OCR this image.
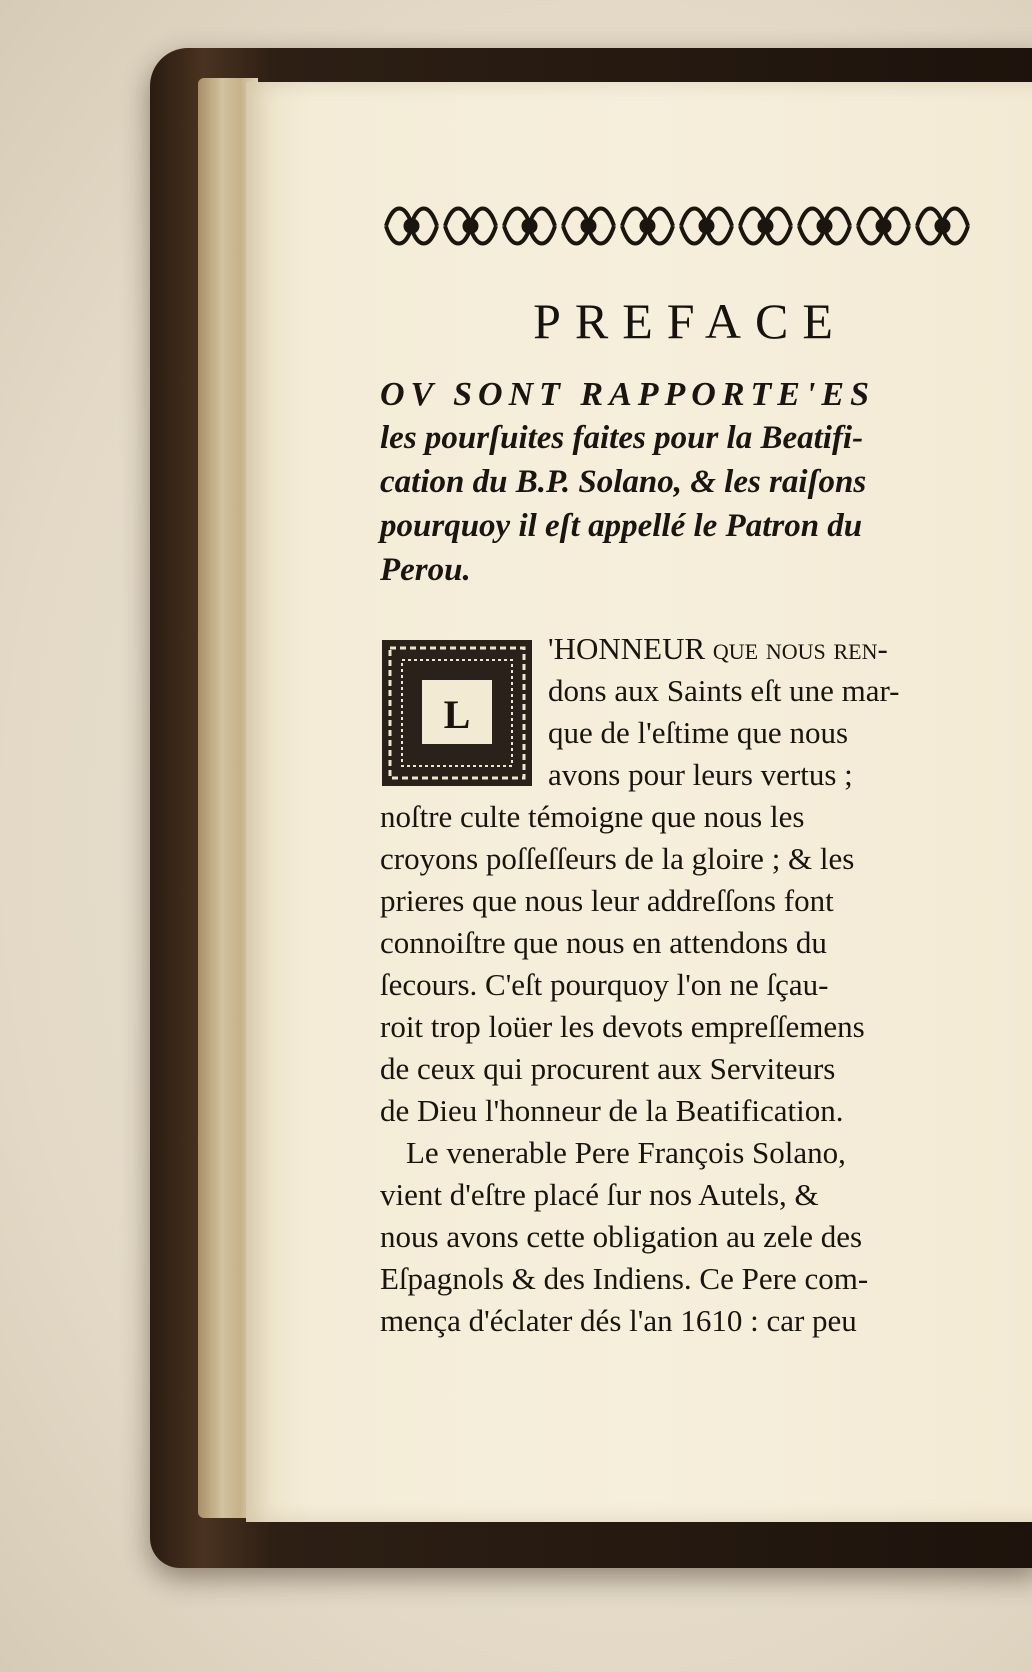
PREFACE
OV SONT RAPPORTE'ES
les pourſuites faites pour la Beatifi-
cation du B.P. Solano, & les raiſons
pourquoy il eſt appellé le Patron du
Perou.
L
'HONNEUR que nous ren-
dons aux Saints eſt une mar-
que de l'eſtime que nous
avons pour leurs vertus ;
noſtre culte témoigne que nous les
croyons poſſeſſeurs de la gloire ; & les
prieres que nous leur addreſſons font
connoiſtre que nous en attendons du
ſecours. C'eſt pourquoy l'on ne ſçau-
roit trop loüer les devots empreſſemens
de ceux qui procurent aux Serviteurs
de Dieu l'honneur de la Beatification.
Le venerable Pere François Solano,
vient d'eſtre placé ſur nos Autels, &
nous avons cette obligation au zele des
Eſpagnols & des Indiens. Ce Pere com-
mença d'éclater dés l'an 1610 : car peu
